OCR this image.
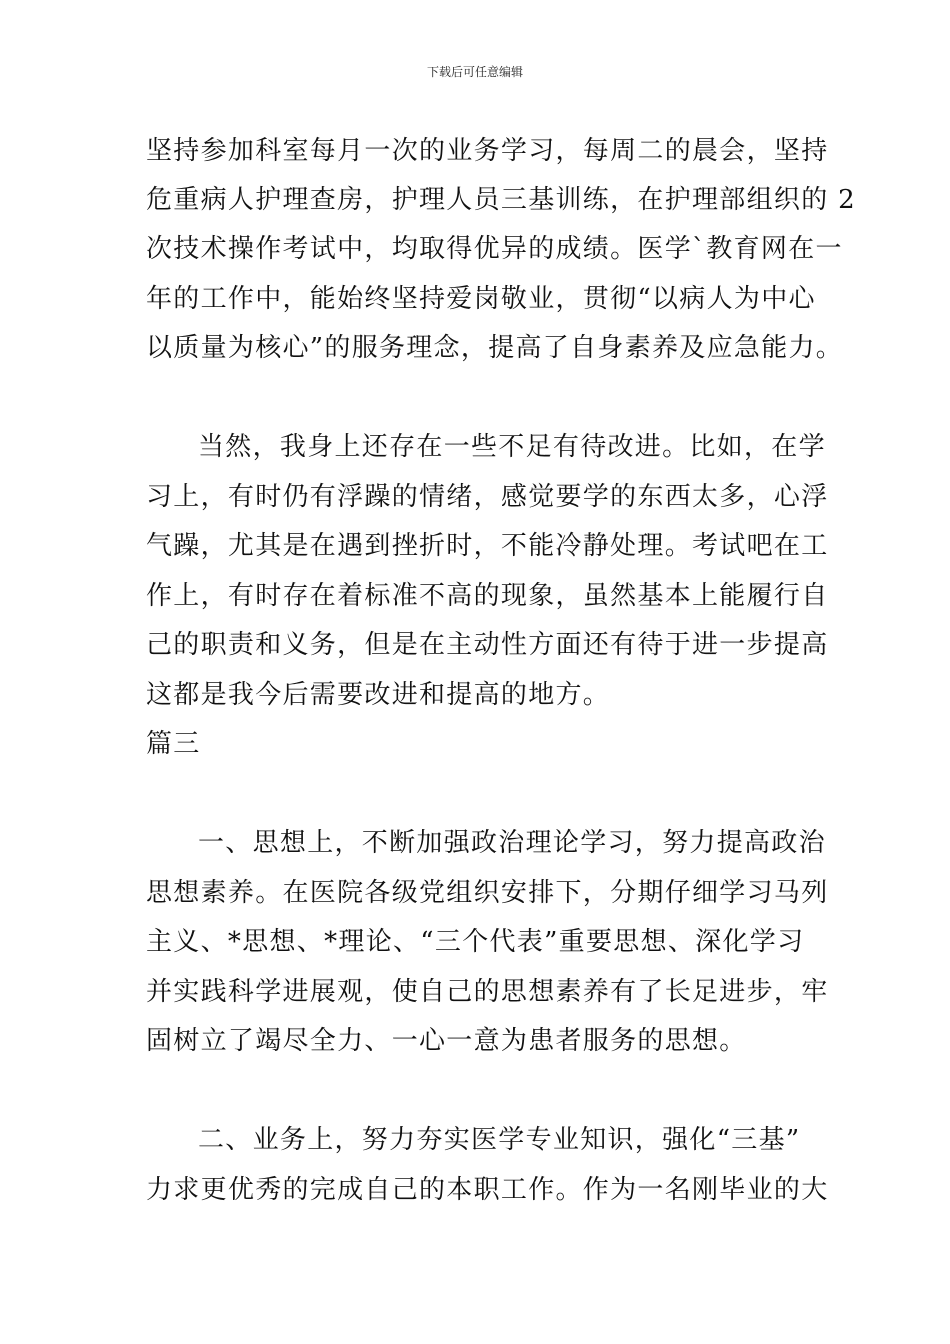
下载后可任意编辑
坚持参加科室每月一次的业务学习，每周二的晨会，坚持
危重病人护理查房，护理人员三基训练，在护理部组织的 2
次技术操作考试中，均取得优异的成绩。医学`教育网在一
年的工作中，能始终坚持爱岗敬业，贯彻“以病人为中心
以质量为核心”的服务理念，提高了自身素养及应急能力。
当然，我身上还存在一些不足有待改进。比如，在学
习上，有时仍有浮躁的情绪，感觉要学的东西太多，心浮
气躁，尤其是在遇到挫折时，不能冷静处理。考试吧在工
作上，有时存在着标准不高的现象，虽然基本上能履行自
己的职责和义务，但是在主动性方面还有待于进一步提高
这都是我今后需要改进和提高的地方。
篇三
一、思想上，不断加强政治理论学习，努力提高政治
思想素养。在医院各级党组织安排下，分期仔细学习马列
主义、*思想、*理论、“三个代表”重要思想、深化学习
并实践科学进展观，使自己的思想素养有了长足进步，牢
固树立了竭尽全力、一心一意为患者服务的思想。
二、业务上，努力夯实医学专业知识，强化“三基”
力求更优秀的完成自己的本职工作。作为一名刚毕业的大
